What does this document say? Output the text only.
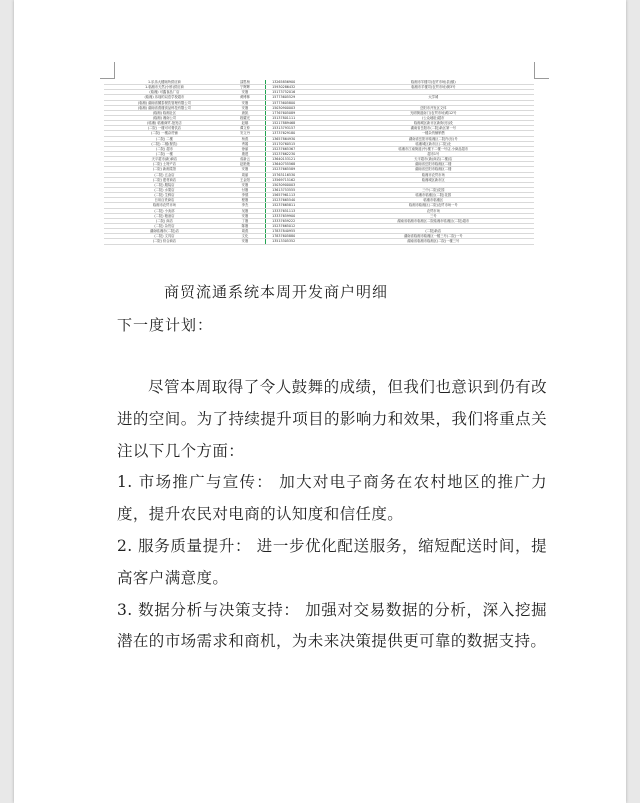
1.乐乐大楼厕所供应商	邵思杨	13265856900	临湘市羊楼司(农贸市场)县(镇)
1.临湘市天然(小桥)供应商	宁辉辉	15930286432	临湘市羊楼司(农贸市场)街3号
(临湘) 可鑫食品厂店	安刚	15173752016	
(临湘) 乐翊的双语学校超市	黄博林	15773605529	大学城
(临湘) 湖南省麓泰餐饮管理有限公司	安刚	15773605800	
(临湘) 湖南省燕楼食品科技有限公司	安刚	15030900003	岳阳市开发区文体
(临湘) 临湘社区	唐凯	17767605089	光明街道南门(农贸市场)路12号
(临湘) 湘南公司	段耀光	15137801111	(公众地址)超市
(临湘) 临湘商贸-批发店	赵娜	15217889468	临湘城区新市区新街(东)段
(二院) 一楼可可餐饮店	谭文仲	15313793157	湖南省岳阳市(二院)新区第一号
(二院) 一楼杂货铺	安文丹	13737629180	一楼杂货铺销售
(二院) 二楼	杨燕	13657864930	湖南省岳阳市临湘区二院内(东)号
(二院) 二楼(餐饮)	秀娟	15170760515	临湘城区新市区(二院)北
(二院) 超市	徐丽	15237665367	临湘市江南街道(中)楼下二楼一号店,小商品超市
(二院) 一楼	康建	15237662230	超市1号
天平超市(新)商店	成新云	13640153121	天平超市(新)商店(二楼)店
(二院) 土特产店	赵艳艳	13640755568	湖南省岳阳市临湘区二楼
(二院) 新湘菜馆	安刚	15237665589	湖南省岳阳市临湘区二楼
(二院) 五金店	周丽	15763116530	临湘市农贸市场
(二院) 建材商店	王金阳	13569715162	临湘城区新市区
(二院) 服装店	安刚	15030900003	
(二院) 水果店	付刚	13613753555	三中(二院)花园
(二院) 生鲜店	李德	15657961113	临湘市临湘区(二院)花园
日用百货商店	程刚	15237665540	临湘市临湘区
临湘市农贸市场	李杰	15237665811	临湘市临湘区(二院)农贸市场一号
(二院) 小卖部	吴刚	13337651113	农贸市场
(二院) 粮油店	安刚	13337659900	三号
(二院) 商店	丁刚	13337659222	湖南省临湘市临湘区二院临湘市临湘区(二院)超市
(二院) 杂货店	陈刚	15237665012	
湖南临湘市(二院)店	周燕	17837840955	(二院)新店
(二院) 文具店	文化	17837605880	湖南省临湘市临湘区一楼三号(二院)一号
(二院) 综合商店	安刚	13513305352	湖南省临湘市临湘区(二院)一楼三号
商贸流通系统本周开发商户明细
下一度计划：

尽管本周取得了令人鼓舞的成绩，但我们也意识到仍有改进的空间。为了持续提升项目的影响力和效果，我们将重点关注以下几个方面：

1. 市场推广与宣传： 加大对电子商务在农村地区的推广力度，提升农民对电商的认知度和信任度。

2. 服务质量提升： 进一步优化配送服务，缩短配送时间，提高客户满意度。

3. 数据分析与决策支持： 加强对交易数据的分析，深入挖掘潜在的市场需求和商机，为未来决策提供更可靠的数据支持。
